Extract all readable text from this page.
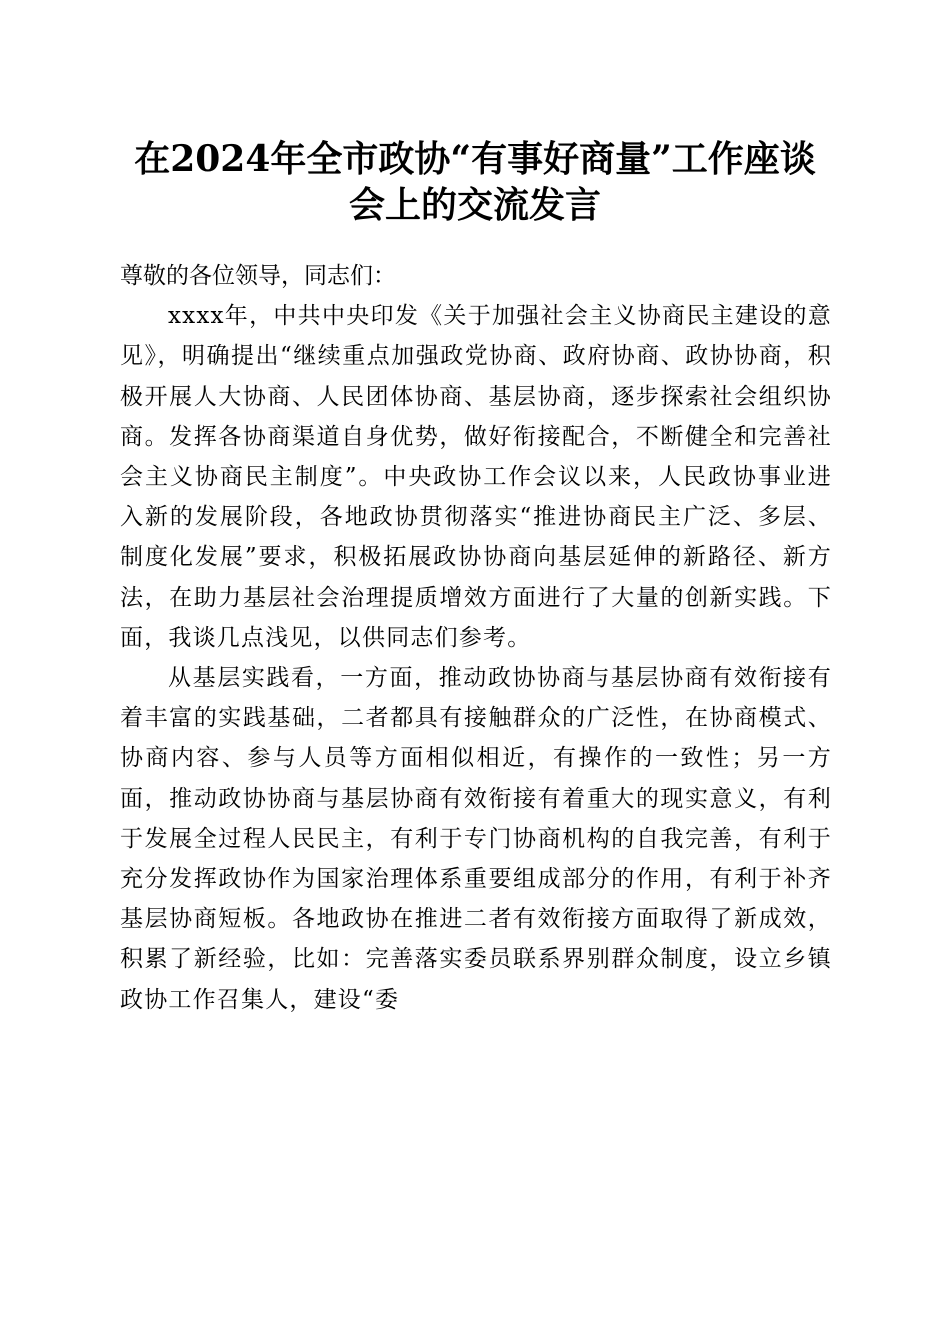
在2024年全市政协“有事好商量”工作座谈
会上的交流发言

尊敬的各位领导，同志们：

xxxx年，中共中央印发《关于加强社会主义协商民主建设的意见》，明确提出“继续重点加强政党协商、政府协商、政协协商，积极开展人大协商、人民团体协商、基层协商，逐步探索社会组织协商。发挥各协商渠道自身优势，做好衔接配合，不断健全和完善社会主义协商民主制度”。中央政协工作会议以来，人民政协事业进入新的发展阶段，各地政协贯彻落实“推进协商民主广泛、多层、制度化发展”要求，积极拓展政协协商向基层延伸的新路径、新方法，在助力基层社会治理提质增效方面进行了大量的创新实践。下面，我谈几点浅见，以供同志们参考。

从基层实践看，一方面，推动政协协商与基层协商有效衔接有着丰富的实践基础，二者都具有接触群众的广泛性，在协商模式、协商内容、参与人员等方面相似相近，有操作的一致性；另一方面，推动政协协商与基层协商有效衔接有着重大的现实意义，有利于发展全过程人民民主，有利于专门协商机构的自我完善，有利于充分发挥政协作为国家治理体系重要组成部分的作用，有利于补齐基层协商短板。各地政协在推进二者有效衔接方面取得了新成效，积累了新经验，比如：完善落实委员联系界别群众制度，设立乡镇政协工作召集人，建设“委
